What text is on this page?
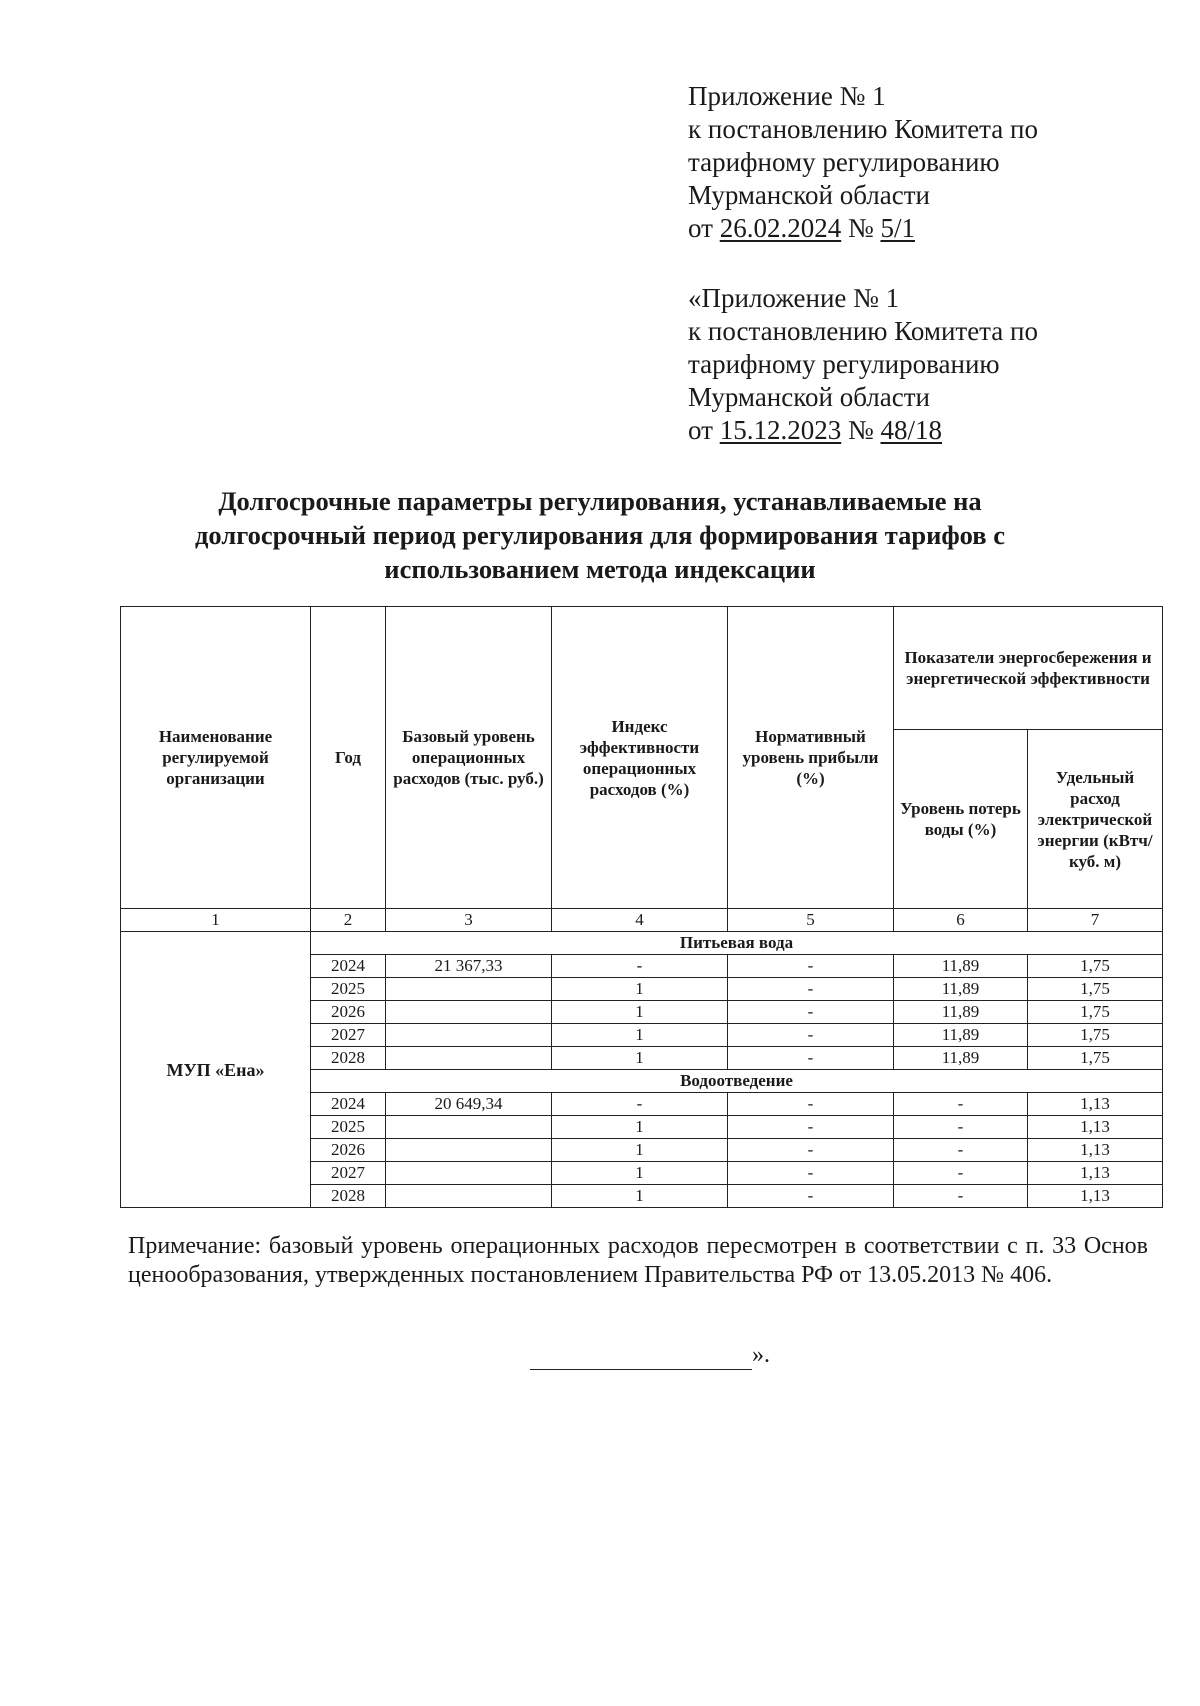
Приложение № 1
к постановлению Комитета по
тарифному регулированию
Мурманской области
от 26.02.2024 № 5/1
«Приложение № 1
к постановлению Комитета по
тарифному регулированию
Мурманской области
от 15.12.2023 № 48/18
Долгосрочные параметры регулирования, устанавливаемые на
долгосрочный период регулирования для формирования тарифов с
использованием метода индексации
Наименование регулируемой организации	Год	Базовый уровень операционных расходов (тыс. руб.)	Индекс эффективности операционных расходов (%)	Нормативный уровень прибыли (%)	Показатели энергосбережения и энергетической эффективности	
					Уровень потерь воды (%)	Удельный расход электрической энергии (кВтч/куб. м)
1	2	3	4	5	6	7
МУП «Ена»	Питьевая вода					
	2024	21 367,33	-	-	11,89	1,75
	2025		1	-	11,89	1,75
	2026		1	-	11,89	1,75
	2027		1	-	11,89	1,75
	2028		1	-	11,89	1,75
	Водоотведение					
	2024	20 649,34	-	-	-	1,13
	2025		1	-	-	1,13
	2026		1	-	-	1,13
	2027		1	-	-	1,13
	2028		1	-	-	1,13
Примечание: базовый уровень операционных расходов пересмотрен в соответствии с п. 33 Основ ценообразования, утвержденных постановлением Правительства РФ от 13.05.2013 № 406.
».
